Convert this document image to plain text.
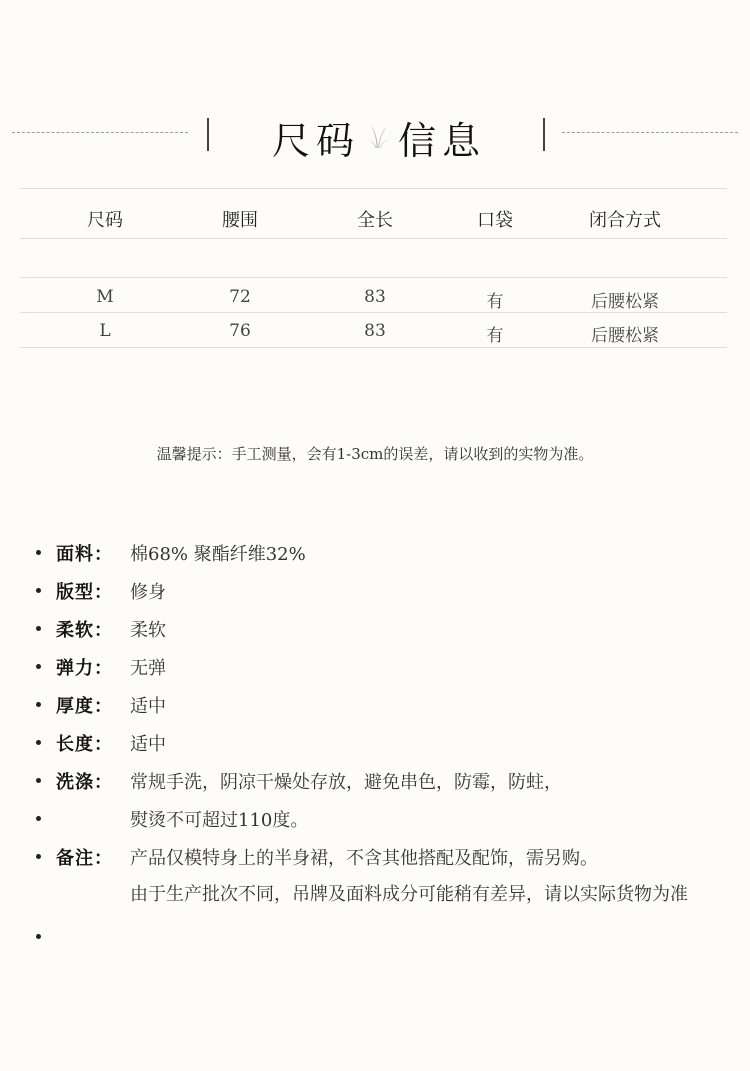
尺码 信息
尺码	腰围	全长	口袋	闭合方式
M	72	83	有	后腰松紧
L	76	83	有	后腰松紧
温馨提示：手工测量，会有1-3cm的误差，请以收到的实物为准。
面料： 棉68% 聚酯纤维32%
版型： 修身
柔软： 柔软
弹力： 无弹
厚度： 适中
长度： 适中
洗涤： 常规手洗，阴凉干燥处存放，避免串色，防霉，防蛀，
熨烫不可超过110度。
备注： 产品仅模特身上的半身裙，不含其他搭配及配饰，需另购。
由于生产批次不同，吊牌及面料成分可能稍有差异，请以实际货物为准
